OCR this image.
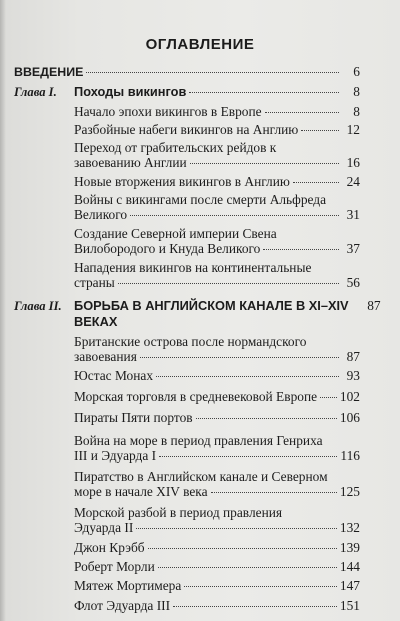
ОГЛАВЛЕНИЕ
ВВЕДЕНИЕ	6
Глава I.	Походы викингов	8
Начало эпохи викингов в Европе	8
Разбойные набеги викингов на Англию	12
Переход от грабительских рейдов к
завоеванию Англии	16
Новые вторжения викингов в Англию	24
Войны с викингами после смерти Альфреда
Великого	31
Создание Северной империи Свена
Вилобородого и Кнуда Великого	37
Нападения викингов на континентальные
страны	56
Глава II. БОРЬБА В АНГЛИЙСКОМ КАНАЛЕ В XI–XIV	87
ВЕКАХ
Британские острова после нормандского
завоевания	87
Юстас Монах	93
Морская торговля в средневековой Европе 102
Пираты Пяти портов	106
Война на море в период правления Генриха
III и Эдуарда I	116
Пиратство в Английском канале и Северном
море в начале XIV века	125
Морской разбой в период правления
Эдуарда II	132
Джон Крэбб	139
Роберт Морли	144
Мятеж Мортимера	147
Флот Эдуарда III	151
